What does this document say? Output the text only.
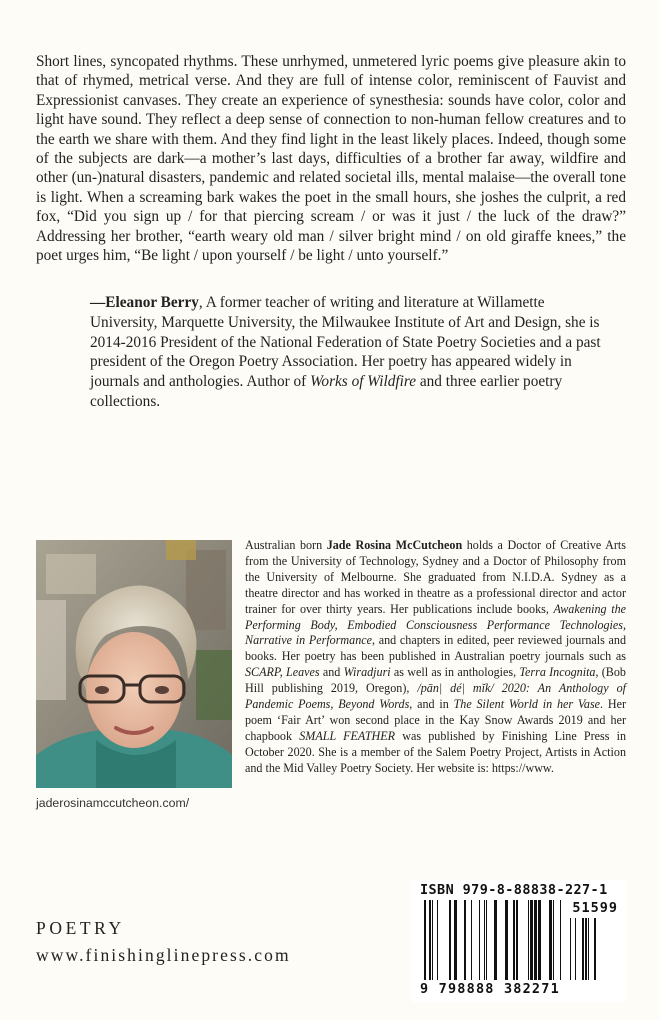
Short lines, syncopated rhythms. These unrhymed, unmetered lyric poems give pleasure akin to that of rhymed, metrical verse. And they are full of intense color, reminiscent of Fauvist and Expressionist canvases. They create an experience of synesthesia: sounds have color, color and light have sound. They reflect a deep sense of connection to non-human fellow creatures and to the earth we share with them. And they find light in the least likely places. Indeed, though some of the subjects are dark—a mother’s last days, difficulties of a brother far away, wildfire and other (un-)natural disasters, pandemic and related societal ills, mental malaise—the overall tone is light. When a screaming bark wakes the poet in the small hours, she joshes the culprit, a red fox, “Did you sign up / for that piercing scream / or was it just / the luck of the draw?” Addressing her brother, “earth weary old man / silver bright mind / on old giraffe knees,” the poet urges him, “Be light / upon yourself / be light / unto yourself.”

—Eleanor Berry, A former teacher of writing and literature at Willamette University, Marquette University, the Milwaukee Institute of Art and Design, she is 2014-2016 President of the National Federation of State Poetry Societies and a past president of the Oregon Poetry Association. Her poetry has appeared widely in journals and anthologies. Author of Works of Wildfire and three earlier poetry collections.

jaderosinamccutcheon.com/

Australian born Jade Rosina McCutcheon holds a Doctor of Creative Arts from the University of Technology, Sydney and a Doctor of Philosophy from the University of Melbourne. She graduated from N.I.D.A. Sydney as a theatre director and has worked in theatre as a professional director and actor trainer for over thirty years. Her publications include books, Awakening the Performing Body, Embodied Consciousness Performance Technologies, Narrative in Performance, and chapters in edited, peer reviewed journals and books. Her poetry has been published in Australian poetry journals such as SCARP, Leaves and Wiradjuri as well as in anthologies, Terra Incognita, (Bob Hill publishing 2019, Oregon), /pān| dé| mĭk/ 2020: An Anthology of Pandemic Poems, Beyond Words, and in The Silent World in her Vase. Her poem ‘Fair Art’ won second place in the Kay Snow Awards 2019 and her chapbook SMALL FEATHER was published by Finishing Line Press in October 2020. She is a member of the Salem Poetry Project, Artists in Action and the Mid Valley Poetry Society. Her website is: https://www.

POETRY
www.finishinglinepress.com
ISBN 979-8-88838-227-1
51599
9 798888 382271
